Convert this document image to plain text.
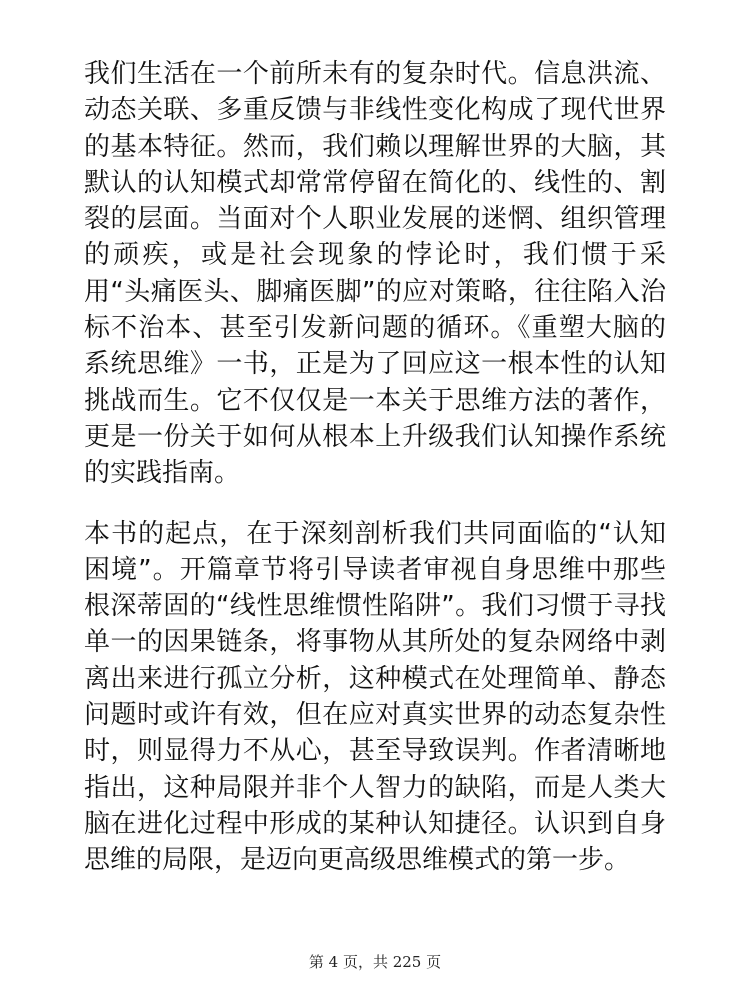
我们生活在一个前所未有的复杂时代。信息洪流、动态关联、多重反馈与非线性变化构成了现代世界的基本特征。然而，我们赖以理解世界的大脑，其默认的认知模式却常常停留在简化的、线性的、割裂的层面。当面对个人职业发展的迷惘、组织管理的顽疾，或是社会现象的悖论时，我们惯于采用“头痛医头、脚痛医脚”的应对策略，往往陷入治标不治本、甚至引发新问题的循环。《重塑大脑的系统思维》一书，正是为了回应这一根本性的认知挑战而生。它不仅仅是一本关于思维方法的著作，更是一份关于如何从根本上升级我们认知操作系统的实践指南。

本书的起点，在于深刻剖析我们共同面临的“认知困境”。开篇章节将引导读者审视自身思维中那些根深蒂固的“线性思维惯性陷阱”。我们习惯于寻找单一的因果链条，将事物从其所处的复杂网络中剥离出来进行孤立分析，这种模式在处理简单、静态问题时或许有效，但在应对真实世界的动态复杂性时，则显得力不从心，甚至导致误判。作者清晰地指出，这种局限并非个人智力的缺陷，而是人类大脑在进化过程中形成的某种认知捷径。认识到自身思维的局限，是迈向更高级思维模式的第一步。

第 4 页，共 225 页
